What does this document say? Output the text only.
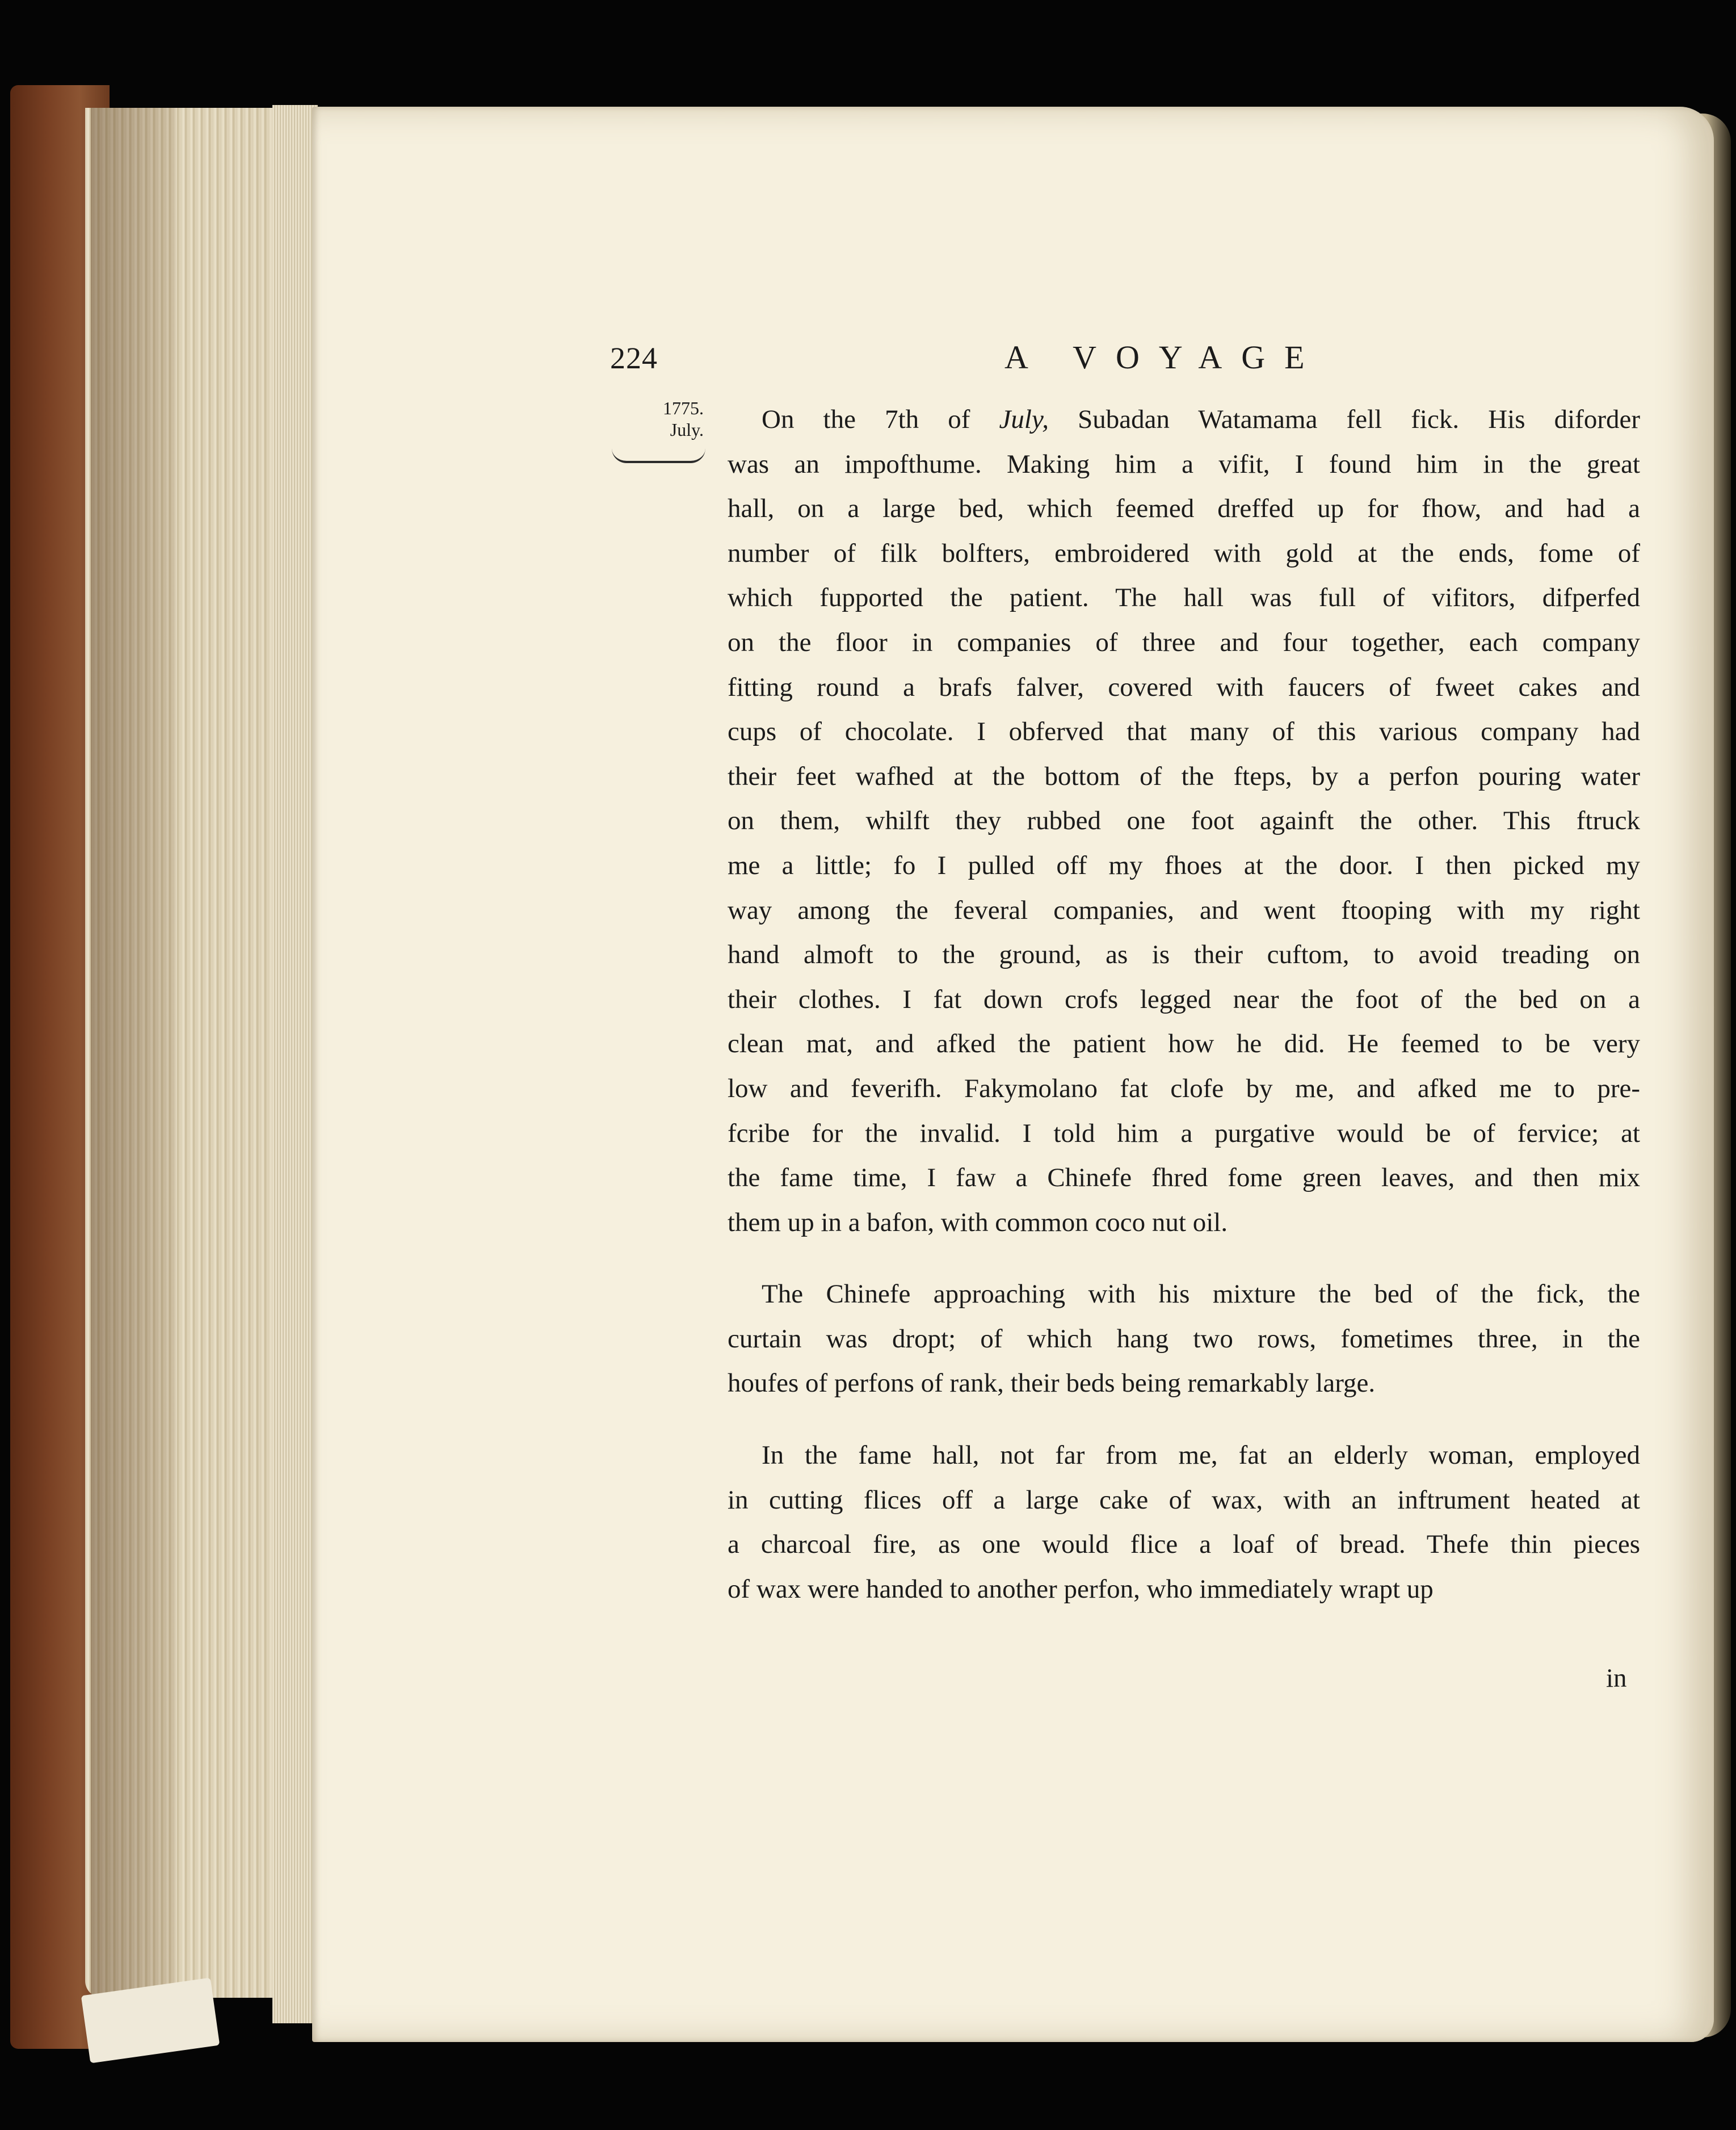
224	A VOYAGE
1775.
July.	On the 7th of July, Subadan Watamama fell fick. His diforder
was an impofthume. Making him a vifit, I found him in the great
hall, on a large bed, which feemed dreffed up for fhow, and had a
number of filk bolfters, embroidered with gold at the ends, fome of
which fupported the patient. The hall was full of vifitors, difperfed
on the floor in companies of three and four together, each company
fitting round a brafs falver, covered with faucers of fweet cakes and
cups of chocolate. I obferved that many of this various company had
their feet wafhed at the bottom of the fteps, by a perfon pouring water
on them, whilft they rubbed one foot againft the other. This ftruck
me a little; fo I pulled off my fhoes at the door. I then picked my
way among the feveral companies, and went ftooping with my right
hand almoft to the ground, as is their cuftom, to avoid treading on
their clothes. I fat down crofs legged near the foot of the bed on a
clean mat, and afked the patient how he did. He feemed to be very
low and feverifh. Fakymolano fat clofe by me, and afked me to pre-
fcribe for the invalid. I told him a purgative would be of fervice; at
the fame time, I faw a Chinefe fhred fome green leaves, and then mix
them up in a bafon, with common coco nut oil.
The Chinefe approaching with his mixture the bed of the fick, the
curtain was dropt; of which hang two rows, fometimes three, in the
houfes of perfons of rank, their beds being remarkably large.
In the fame hall, not far from me, fat an elderly woman, employed
in cutting flices off a large cake of wax, with an inftrument heated at
a charcoal fire, as one would flice a loaf of bread. Thefe thin pieces
of wax were handed to another perfon, who immediately wrapt up
in
